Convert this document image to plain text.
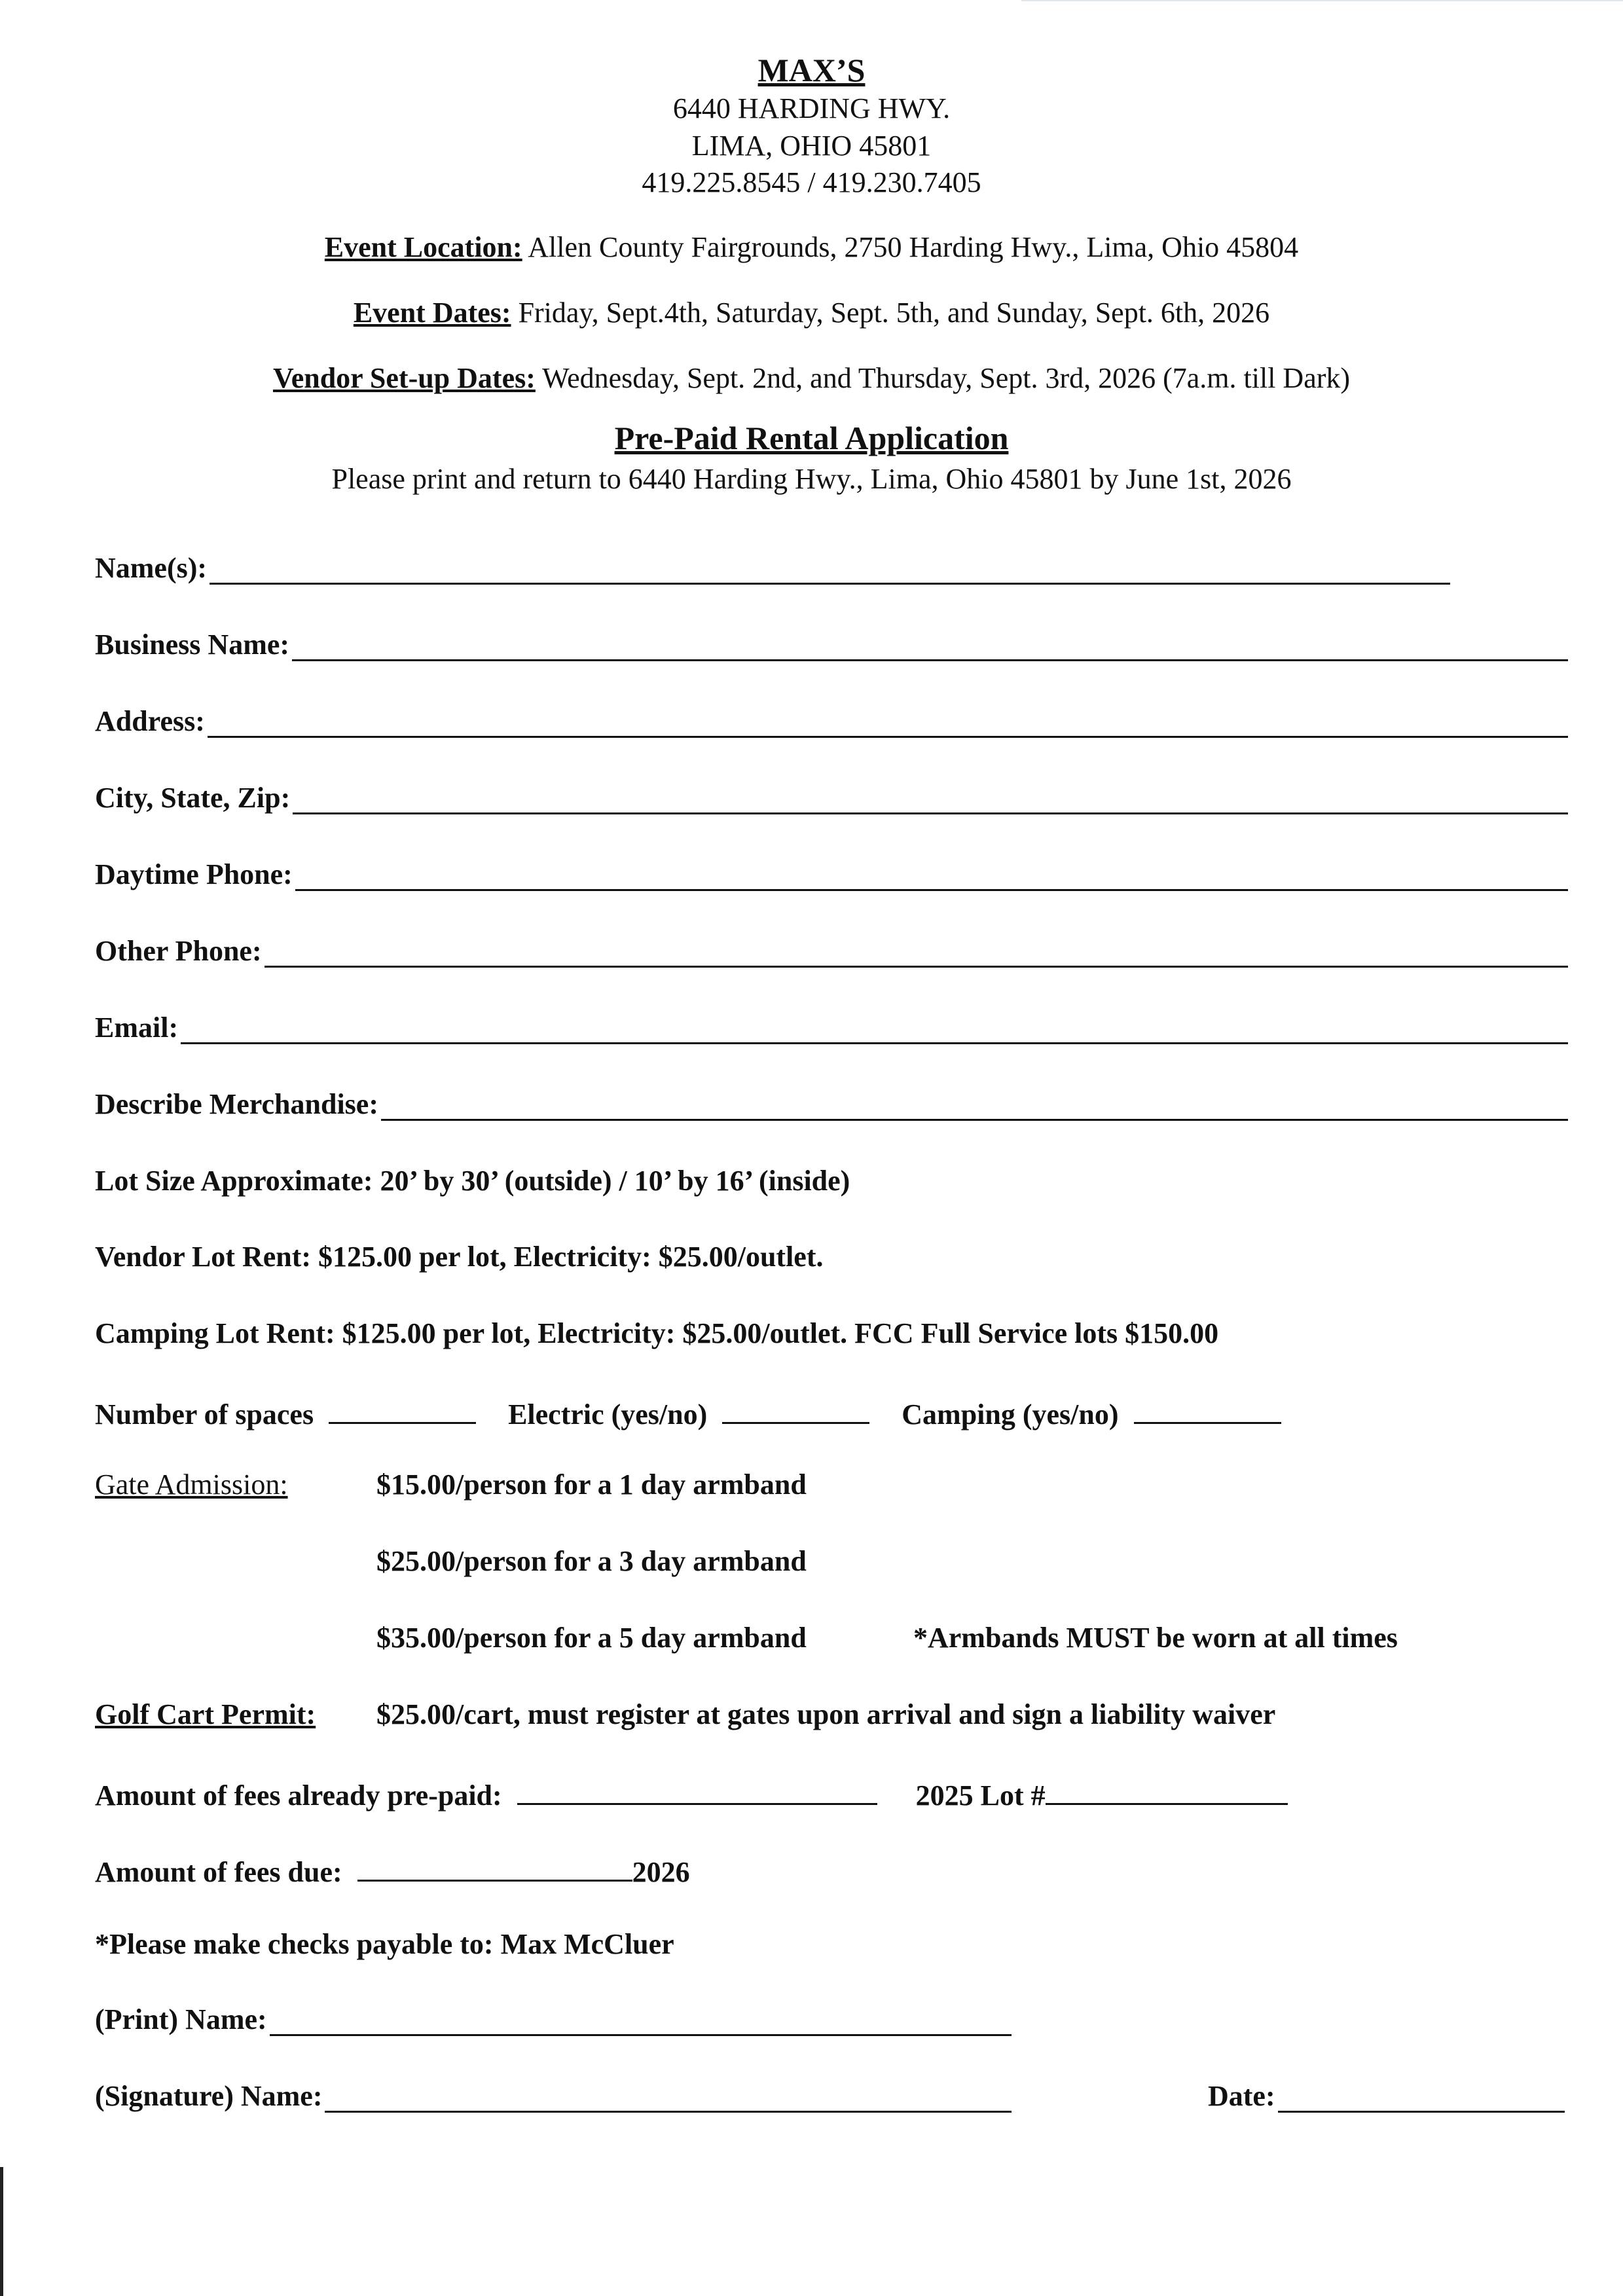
MAX’S
6440 HARDING HWY.
LIMA, OHIO 45801
419.225.8545 / 419.230.7405
Event Location: Allen County Fairgrounds, 2750 Harding Hwy., Lima, Ohio 45804
Event Dates: Friday, Sept.4th, Saturday, Sept. 5th, and Sunday, Sept. 6th, 2026
Vendor Set-up Dates: Wednesday, Sept. 2nd, and Thursday, Sept. 3rd, 2026 (7a.m. till Dark)
Pre-Paid Rental Application
Please print and return to 6440 Harding Hwy., Lima, Ohio 45801 by June 1st, 2026
Name(s):
Business Name:
Address:
City, State, Zip:
Daytime Phone:
Other Phone:
Email:
Describe Merchandise:
Lot Size Approximate: 20’ by 30’ (outside) / 10’ by 16’ (inside)
Vendor Lot Rent: $125.00 per lot, Electricity: $25.00/outlet.
Camping Lot Rent: $125.00 per lot, Electricity: $25.00/outlet. FCC Full Service lots $150.00
Number of spaces	Electric (yes/no)	Camping (yes/no)
Gate Admission:	$15.00/person for a 1 day armband
$25.00/person for a 3 day armband
$35.00/person for a 5 day armband	*Armbands MUST be worn at all times
Golf Cart Permit: $25.00/cart, must register at gates upon arrival and sign a liability waiver
Amount of fees already pre-paid:	2025 Lot #
Amount of fees due:	2026
*Please make checks payable to: Max McCluer
(Print) Name:
(Signature) Name:	Date:
